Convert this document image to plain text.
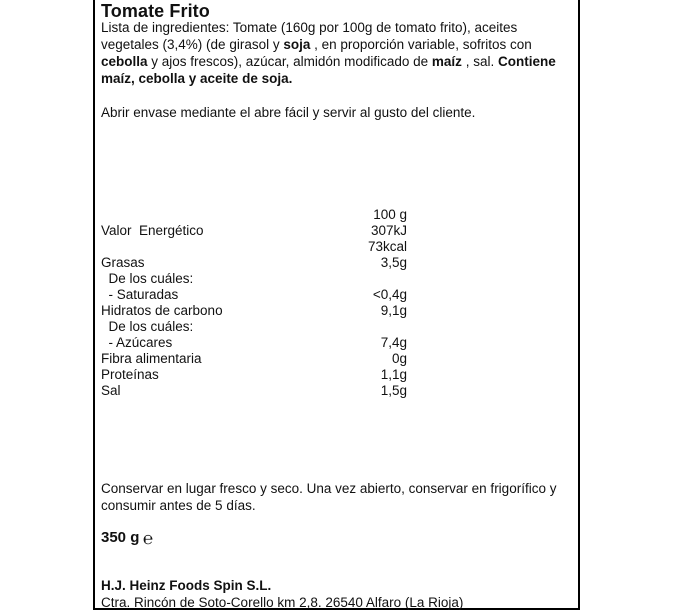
Tomate Frito
Lista de ingredientes: Tomate (160g por 100g de tomato frito), aceites vegetales (3,4%) (de girasol y soja , en proporción variable, sofritos con cebolla y ajos frescos), azúcar, almidón modificado de maíz , sal. Contiene maíz, cebolla y aceite de soja.
Abrir envase mediante el abre fácil y servir al gusto del cliente.
100 g
Valor  Energético	307kJ
73kcal
Grasas	3,5g
De los cuáles:
- Saturadas	<0,4g
Hidratos de carbono	9,1g
De los cuáles:
- Azúcares	7,4g
Fibra alimentaria	0g
Proteínas	1,1g
Sal	1,5g
Conservar en lugar fresco y seco. Una vez abierto, conservar en frigorífico y consumir antes de 5 días.
350 g ℮
H.J. Heinz Foods Spin S.L.
Ctra. Rincón de Soto-Corello km 2,8. 26540 Alfaro (La Rioja)
